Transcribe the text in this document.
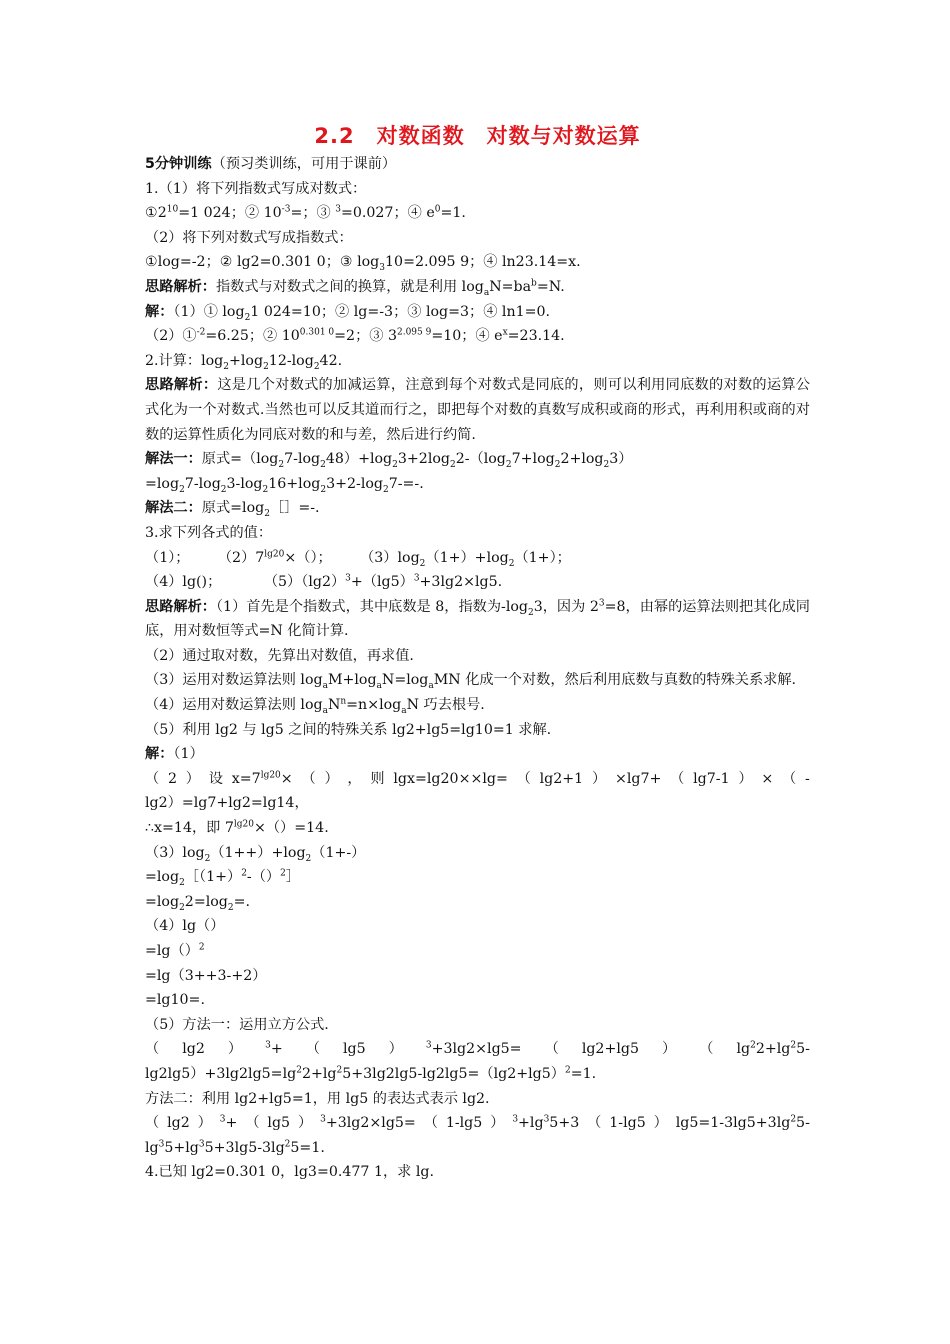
2.2　对数函数　对数与对数运算
5分钟训练（预习类训练，可用于课前）
1.（1）将下列指数式写成对数式：
$①2^{10}=1$ 024；② $10^{-3}=$；③ $^3$=0.027；④ $e^0=1$.
（2）将下列对数式写成指数式：
①log=-2；② lg2=0.301 0；③ $\log_310=2.095$ 9；④ ln23.14=x.
思路解析：指数式与对数式之间的换算，就是利用 $\log_aN=ba^b=N$.
解：（1）① $\log_21$ 024=10；② lg=-3；③ log=3；④ ln1=0.
（2）①$^{-2}$=6.25；② $10^{0.301 0}=2$；③ $3^{2.095 9}=10$；④ $e^x=23.14$.
2.计算：$\log_2+\log_212-\log_242$.
思路解析：这是几个对数式的加减运算，注意到每个对数式是同底的，则可以利用同底数的对数的运算公式化为一个对数式.当然也可以反其道而行之，即把每个对数的真数写成积或商的形式，再利用积或商的对数的运算性质化为同底对数的和与差，然后进行约简.
解法一：原式$=(\log_27-\log_248)+\log_23+2\log_22-(\log_27+\log_22+\log_23)$
$=\log_27-\log_23-\log_216+\log_23+2-\log_27-=-$.
解法二：原式$=\log_2[]=-$.
3.求下列各式的值：
（1）；　　　$(2)7^{lg20}\times()$；　　　$(3)\log_2(1+)+\log_2(1+)$；
（4）lg()；　　　　$(5)(\lg 2)^3+(\lg 5)^3+3\lg 2\times\lg 5$.
思路解析：（1）首先是个指数式，其中底数是 8，指数为$-\log_23$，因为 $2^3=8$，由幂的运算法则把其化成同底，用对数恒等式=N 化简计算.
（2）通过取对数，先算出对数值，再求值.
（3）运用对数运算法则 $\log_aM+\log_aN=\log_aMN$ 化成一个对数，然后利用底数与真数的特殊关系求解.
（4）运用对数运算法则 $\log_aN^n=n\times\log_aN$ 巧去根号.
（5）利用 lg2 与 lg5 之间的特殊关系 lg2+lg5=lg10=1 求解.
解：（1）
（ 2 ） 设 $x=7^{lg20}\times$ （ ） ， 则 lgx=lg20××lg= （ lg2+1 ） ×lg7+ （ lg7-1 ） × （ -
lg2）=lg7+lg2=lg14，
∴x=14，即 $7^{lg20}\times()=14$.
$(3)\log_2(1++)+\log_2(1+-)$
$=\log_2[(1+)^2-()^2]$
$=\log_22=\log_2=$.
（4）lg（）
=lg（）$^2$
=lg（3++3-+2）
=lg10=.
（5）方法一：运用立方公式.
（ lg2 ）	$^3$+ （ lg5 ）	$^3$+3lg2×lg5= （ lg2+lg5 ） （ $\lg^22+\lg^25-$
$\lg 2\lg 5)+3\lg 2\lg 5=\lg^22+\lg^25+3\lg 2\lg 5-\lg 2\lg 5=(\lg 2+\lg 5)^2=1$.
方法二：利用 lg2+lg5=1，用 lg5 的表达式表示 lg2.
（ lg2 ） $^3$+ （ lg5 ） $^3$+3lg2×lg5= （ 1-lg5 ） $^3+\lg^35+3$ （ 1-lg5 ） $\lg 5=1-3\lg 5+3\lg^25-$
$\lg^35+\lg^35+3\lg 5-3\lg^25=1$.
4.已知 lg2=0.301 0，lg3=0.477 1，求 lg.
